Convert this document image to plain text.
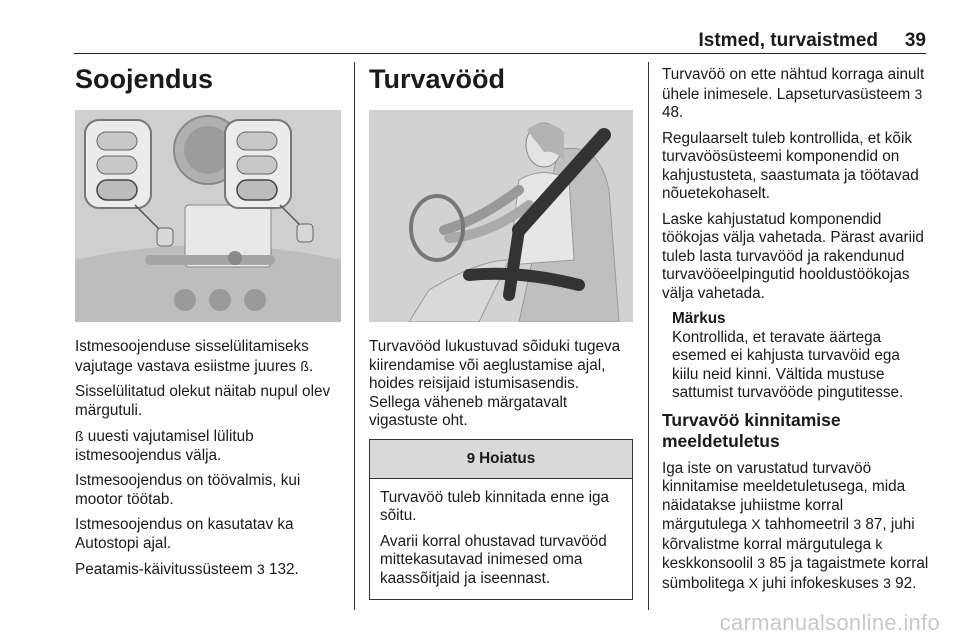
Istmed, turvaistmed 39
Soojendus

Istmesoojenduse sisselülitamiseks vajutage vastava esiistme juures ß.

Sisselülitatud olekut näitab nupul olev märgutuli.

ß uuesti vajutamisel lülitub istmesoojendus välja.

Istmesoojendus on töövalmis, kui mootor töötab.

Istmesoojendus on kasutatav ka Autostopi ajal.

Peatamis-käivitussüsteem 3 132.

Turvavööd

Turvavööd lukustuvad sõiduki tugeva kiirendamise või aeglustamise ajal, hoides reisijaid istumisasendis. Sellega väheneb märgatavalt vigastuste oht.

9 Hoiatus

Turvavöö tuleb kinnitada enne iga sõitu.

Avarii korral ohustavad turvavööd mittekasutavad inimesed oma kaassõitjaid ja iseennast.

Turvavöö on ette nähtud korraga ainult ühele inimesele. Lapseturvasüsteem 3 48.

Regulaarselt tuleb kontrollida, et kõik turvavöösüsteemi komponendid on kahjustusteta, saastumata ja töötavad nõuetekohaselt.

Laske kahjustatud komponendid töökojas välja vahetada. Pärast avariid tuleb lasta turvavööd ja rakendunud turvavööeelpingutid hooldustöökojas välja vahetada.

Märkus

Kontrollida, et teravate äärtega esemed ei kahjusta turvavöid ega kiilu neid kinni. Vältida mustuse sattumist turvavööde pingutitesse.

Turvavöö kinnitamise meeldetuletus

Iga iste on varustatud turvavöö kinnitamise meeldetuletusega, mida näidatakse juhiistme korral märgutulega X tahhomeetril 3 87, juhi kõrvalistme korral märgutulega k keskkonsoolil 3 85 ja tagaistmete korral sümbolitega X juhi infokeskuses 3 92.

carmanualsonline.info
